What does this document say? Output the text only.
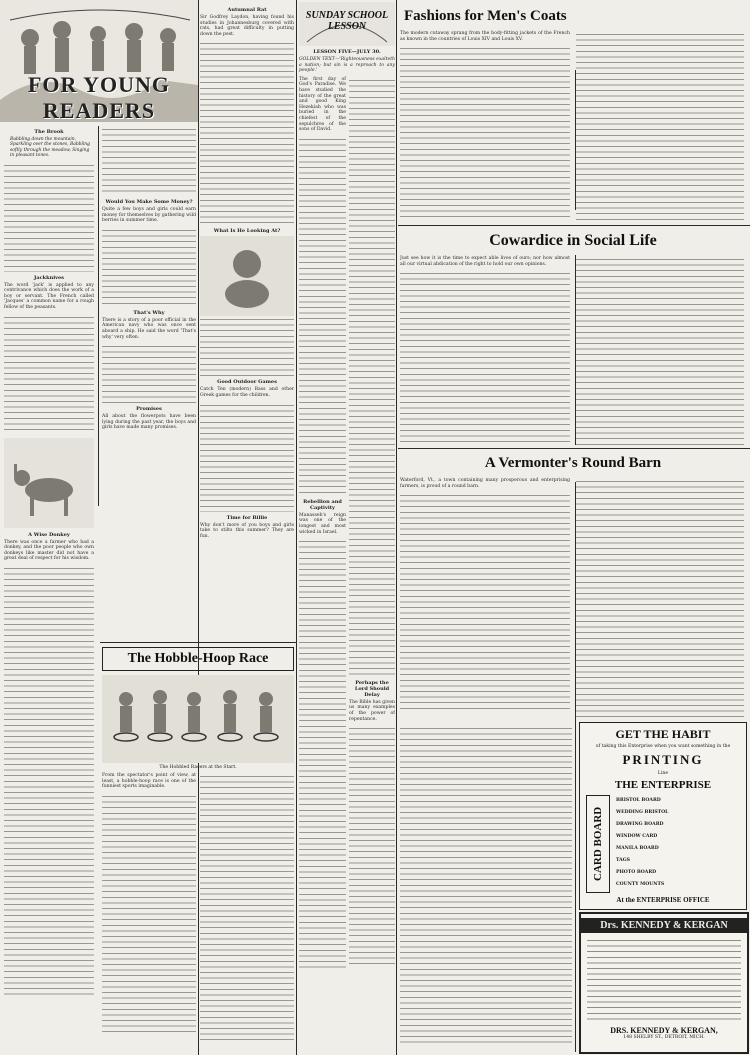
FOR YOUNG READERS
The Brook

Bubbling down the mountain, Sparkling over the stones, Babbling softly through the meadow, Singing in pleasant tones.

Jackknives

The word 'jack' is applied to any contrivance which does the work of a boy or servant. The French called 'Jacques' a common name for a rough fellow of the peasants.

A Wise Donkey

There was once a farmer who had a donkey, and the poor people who own donkeys like master did not have a great deal of respect for his wisdom.

Would You Make Some Money?

Quite a few boys and girls could earn money for themselves by gathering wild berries in summer time.

That's Why

There is a story of a poor official in the American navy who was once sent aboard a ship. He said the word 'That's why' very often.

Promises

All about the flowerpots have been lying during the past year, the boys and girls have made many promises.

The Hobble-Hoop Race
The Hobbled Racers at the Start.

From the spectator's point of view, at least, a hobble-hoop race is one of the funniest sports imaginable.

Autumnal Rat

Sir Godfrey Laydon, having found his studies in Johannesburg covered with rats, had great difficulty in putting down the pest.

What Is He Looking At?

Good Outdoor Games

Catch Ten (modern) Bass and other Greek games for the children.

Time for Billie

Why don't more of you boys and girls take to stilts this summer? They are fun.

SUNDAY SCHOOL LESSON
LESSON FIVE—JULY 30.

GOLDEN TEXT—'Righteousness exalteth a nation; but sin is a reproach to any people.'

The first day of God's Paradise. We have studied the history of the great and good King Hezekiah who was buried in the chiefest of the sepulchres of the sons of David.

Rebellion and Captivity

Manasseh's reign was one of the longest and most wicked in Israel.

Perhaps the Lord Should Delay

The Bible has given us many examples of the power of repentance.

Fashions for Men's Coats

The modern cutaway sprang from the body-fitting jackets of the French as known in the countries of Louis XIV and Louis XV.

Cowardice in Social Life

Just see how it is the time to expect able lives of ours; nor how almost all our virtual abdication of the right to hold our own opinions.

A Vermonter's Round Barn

Waterford, Vt., a town containing many prosperous and enterprising farmers, is proud of a round barn.

GET THE HABIT
of taking this Enterprise when you want something in the
PRINTING
Line
THE ENTERPRISE
CARD BOARD
BRISTOL BOARD
WEDDING BRISTOL
DRAWING BOARD
WINDOW CARD
MANILA BOARD
TAGS
PHOTO BOARD
COUNTY MOUNTS
At the ENTERPRISE OFFICE
Drs. KENNEDY & KERGAN

DRS. KENNEDY & KERGAN,
148 SHELBY ST., DETROIT, MICH.
